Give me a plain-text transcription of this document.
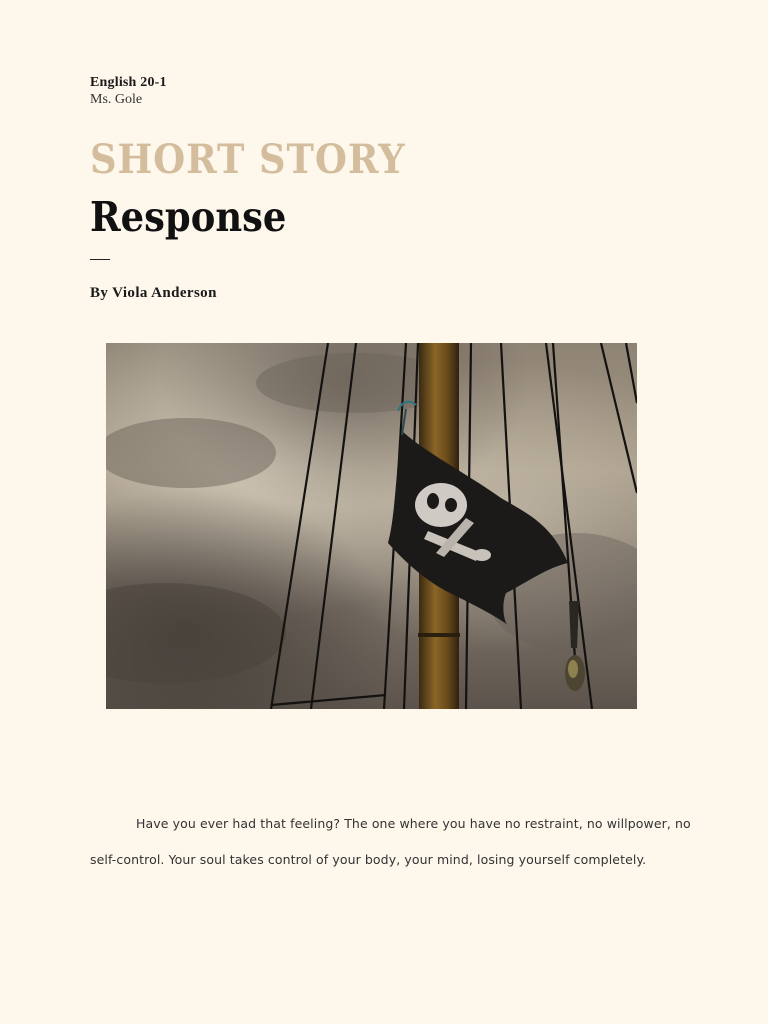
English 20-1
Ms. Gole
SHORT STORY
Response
By Viola Anderson
Have you ever had that feeling? The one where you have no restraint, no willpower, no
self-control. Your soul takes control of your body, your mind, losing yourself completely.
